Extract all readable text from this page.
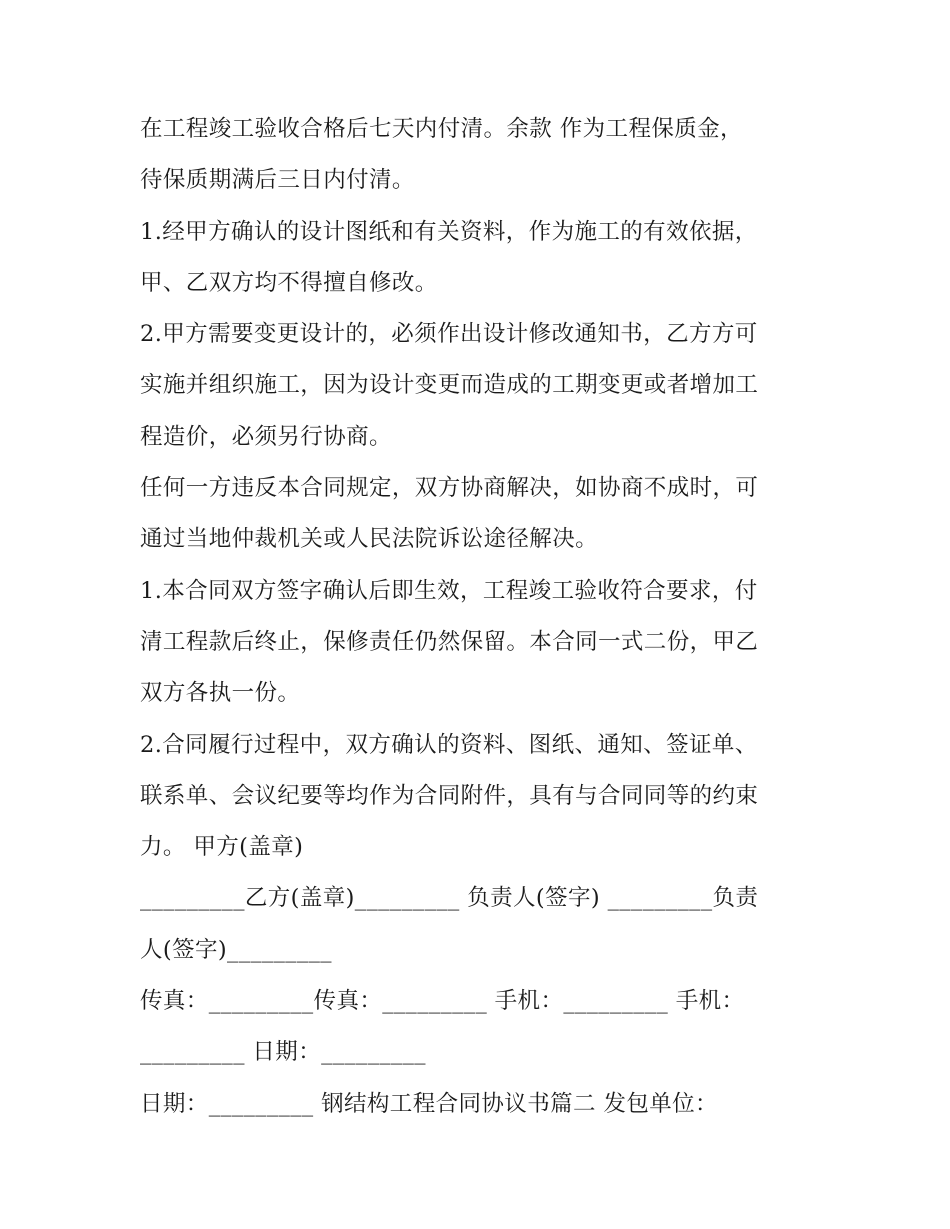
在工程竣工验收合格后七天内付清。余款 作为工程保质金，
待保质期满后三日内付清。
1.经甲方确认的设计图纸和有关资料，作为施工的有效依据，
甲、乙双方均不得擅自修改。
2.甲方需要变更设计的，必须作出设计修改通知书，乙方方可
实施并组织施工，因为设计变更而造成的工期变更或者增加工
程造价，必须另行协商。
任何一方违反本合同规定，双方协商解决，如协商不成时，可
通过当地仲裁机关或人民法院诉讼途径解决。
1.本合同双方签字确认后即生效，工程竣工验收符合要求，付
清工程款后终止，保修责任仍然保留。本合同一式二份，甲乙
双方各执一份。
2.合同履行过程中，双方确认的资料、图纸、通知、签证单、
联系单、会议纪要等均作为合同附件，具有与合同同等的约束
力。 甲方(盖章)
_________乙方(盖章)_________ 负责人(签字) _________负责
人(签字)_________
传真：_________传真：_________ 手机：_________ 手机：
_________ 日期：_________
日期：_________ 钢结构工程合同协议书篇二 发包单位：
